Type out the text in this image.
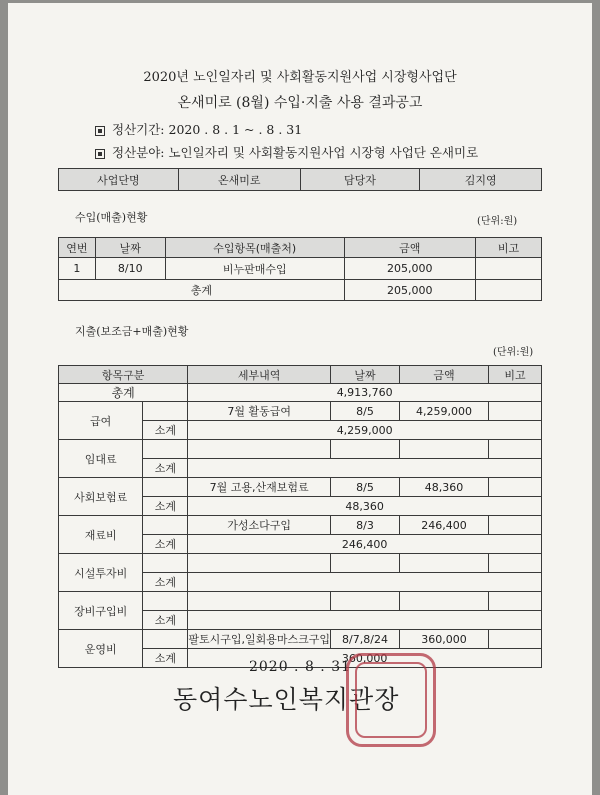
2020년 노인일자리 및 사회활동지원사업 시장형사업단
온새미로 (8월) 수입·지출 사용 결과공고
정산기간: 2020 . 8 . 1 ~ . 8 . 31
정산분야: 노인일자리 및 사회활동지원사업 시장형 사업단 온새미로
사업단명	온새미로	담당자	김지영
수입(매출)현황	(단위:원)
연번	날짜	수입항목(매출처)	금액	비고
1	8/10	비누판매수입	205,000	
총계			205,000	
지출(보조금+매출)현황
(단위:원)
항목구분		세부내역	날짜	금액	비고
총계		4,913,760			
급여		7월 활동급여	8/5	4,259,000	
	소계	4,259,000			
임대료					
	소계				
사회보험료		7월 고용,산재보험료	8/5	48,360	
	소계	48,360			
재료비		가성소다구입	8/3	246,400	
	소계	246,400			
시설투자비					
	소계				
장비구입비					
	소계				
운영비		팔토시구입,일회용마스크구입	8/7,8/24	360,000	
	소계	360,000			
2020 . 8 . 31
동여수노인복지관장
